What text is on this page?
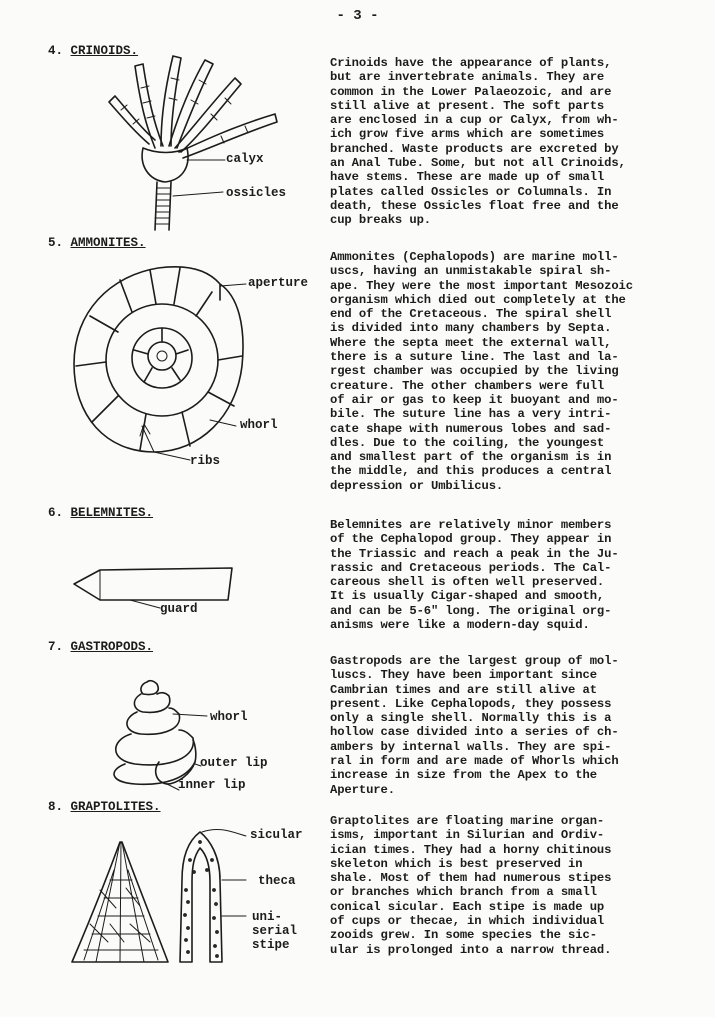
- 3 -
4. CRINOIDS.
Crinoids have the appearance of plants,
but are invertebrate animals. They are
common in the Lower Palaeozoic, and are
still alive at present. The soft parts
are enclosed in a cup or Calyx, from wh-
ich grow five arms which are sometimes
branched. Waste products are excreted by
an Anal Tube. Some, but not all Crinoids,
have stems. These are made up of small
plates called Ossicles or Columnals. In
death, these Ossicles float free and the
cup breaks up.
calyx
ossicles
5. AMMONITES.
Ammonites (Cephalopods) are marine moll-
uscs, having an unmistakable spiral sh-
ape. They were the most important Mesozoic
organism which died out completely at the
end of the Cretaceous. The spiral shell
is divided into many chambers by Septa.
Where the septa meet the external wall,
there is a suture line. The last and la-
rgest chamber was occupied by the living
creature. The other chambers were full
of air or gas to keep it buoyant and mo-
bile. The suture line has a very intri-
cate shape with numerous lobes and sad-
dles. Due to the coiling, the youngest
and smallest part of the organism is in
the middle, and this produces a central
depression or Umbilicus.
aperture
whorl
ribs
6. BELEMNITES.
Belemnites are relatively minor members
of the Cephalopod group. They appear in
the Triassic and reach a peak in the Ju-
rassic and Cretaceous periods. The Cal-
careous shell is often well preserved.
It is usually Cigar-shaped and smooth,
and can be 5-6" long. The original org-
anisms were like a modern-day squid.
guard
7. GASTROPODS.
Gastropods are the largest group of mol-
luscs. They have been important since
Cambrian times and are still alive at
present. Like Cephalopods, they possess
only a single shell. Normally this is a
hollow case divided into a series of ch-
ambers by internal walls. They are spi-
ral in form and are made of Whorls which
increase in size from the Apex to the
Aperture.
whorl
outer lip
inner lip
8. GRAPTOLITES.
Graptolites are floating marine organ-
isms, important in Silurian and Ordiv-
ician times. They had a horny chitinous
skeleton which is best preserved in
shale. Most of them had numerous stipes
or branches which branch from a small
conical sicular. Each stipe is made up
of cups or thecae, in which individual
zooids grew. In some species the sic-
ular is prolonged into a narrow thread.
sicular
theca
uni-
serial
stipe
